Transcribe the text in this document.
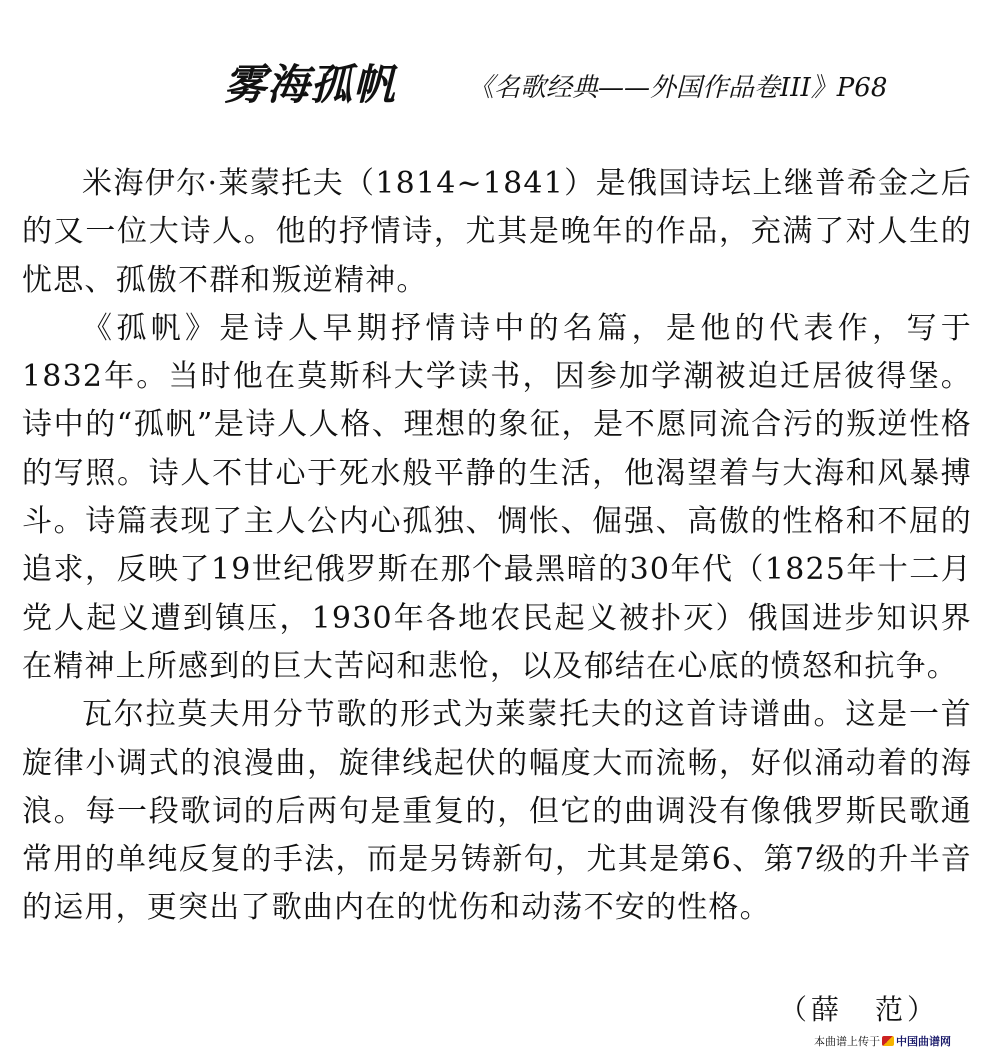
雾海孤帆	《名歌经典——外国作品卷III》P68

米海伊尔·莱蒙托夫（1814~1841）是俄国诗坛上继普希金之后的又一位大诗人。他的抒情诗，尤其是晚年的作品，充满了对人生的忧思、孤傲不群和叛逆精神。

《孤帆》是诗人早期抒情诗中的名篇，是他的代表作，写于1832年。当时他在莫斯科大学读书，因参加学潮被迫迁居彼得堡。诗中的“孤帆”是诗人人格、理想的象征，是不愿同流合污的叛逆性格的写照。诗人不甘心于死水般平静的生活，他渴望着与大海和风暴搏斗。诗篇表现了主人公内心孤独、惆怅、倔强、高傲的性格和不屈的追求，反映了19世纪俄罗斯在那个最黑暗的30年代（1825年十二月党人起义遭到镇压，1930年各地农民起义被扑灭）俄国进步知识界在精神上所感到的巨大苦闷和悲怆，以及郁结在心底的愤怒和抗争。

瓦尔拉莫夫用分节歌的形式为莱蒙托夫的这首诗谱曲。这是一首旋律小调式的浪漫曲，旋律线起伏的幅度大而流畅，好似涌动着的海浪。每一段歌词的后两句是重复的，但它的曲调没有像俄罗斯民歌通常用的单纯反复的手法，而是另铸新句，尤其是第6、第7级的升半音的运用，更突出了歌曲内在的忧伤和动荡不安的性格。

（薛　范）
本曲谱上传于 中国曲谱网
